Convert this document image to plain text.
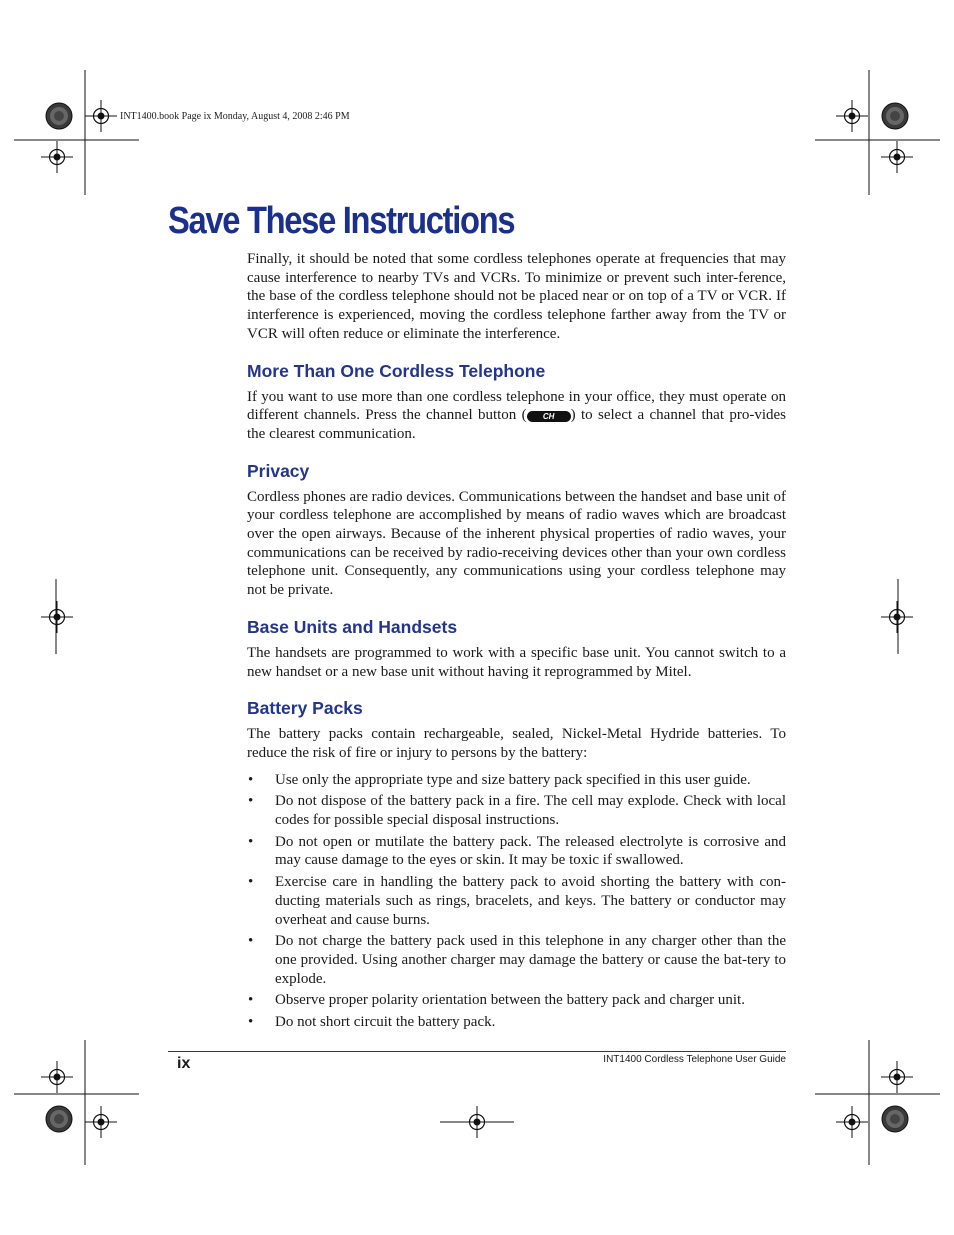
INT1400.book Page ix Monday, August 4, 2008 2:46 PM
Save These Instructions

Finally, it should be noted that some cordless telephones operate at frequencies that may cause interference to nearby TVs and VCRs. To minimize or prevent such inter-ference, the base of the cordless telephone should not be placed near or on top of a TV or VCR. If interference is experienced, moving the cordless telephone farther away from the TV or VCR will often reduce or eliminate the interference.

More Than One Cordless Telephone

If you want to use more than one cordless telephone in your office, they must operate on different channels. Press the channel button ( CH ) to select a channel that pro-vides the clearest communication.

Privacy

Cordless phones are radio devices. Communications between the handset and base unit of your cordless telephone are accomplished by means of radio waves which are broadcast over the open airways. Because of the inherent physical properties of radio waves, your communications can be received by radio-receiving devices other than your own cordless telephone unit. Consequently, any communications using your cordless telephone may not be private.

Base Units and Handsets

The handsets are programmed to work with a specific base unit. You cannot switch to a new handset or a new base unit without having it reprogrammed by Mitel.

Battery Packs

The battery packs contain rechargeable, sealed, Nickel-Metal Hydride batteries. To reduce the risk of fire or injury to persons by the battery:

• Use only the appropriate type and size battery pack specified in this user guide.
• Do not dispose of the battery pack in a fire. The cell may explode. Check with local codes for possible special disposal instructions.
• Do not open or mutilate the battery pack. The released electrolyte is corrosive and may cause damage to the eyes or skin. It may be toxic if swallowed.
• Exercise care in handling the battery pack to avoid shorting the battery with con-ducting materials such as rings, bracelets, and keys. The battery or conductor may overheat and cause burns.
• Do not charge the battery pack used in this telephone in any charger other than the one provided. Using another charger may damage the battery or cause the bat-tery to explode.
• Observe proper polarity orientation between the battery pack and charger unit.
• Do not short circuit the battery pack.
ix	INT1400 Cordless Telephone User Guide
